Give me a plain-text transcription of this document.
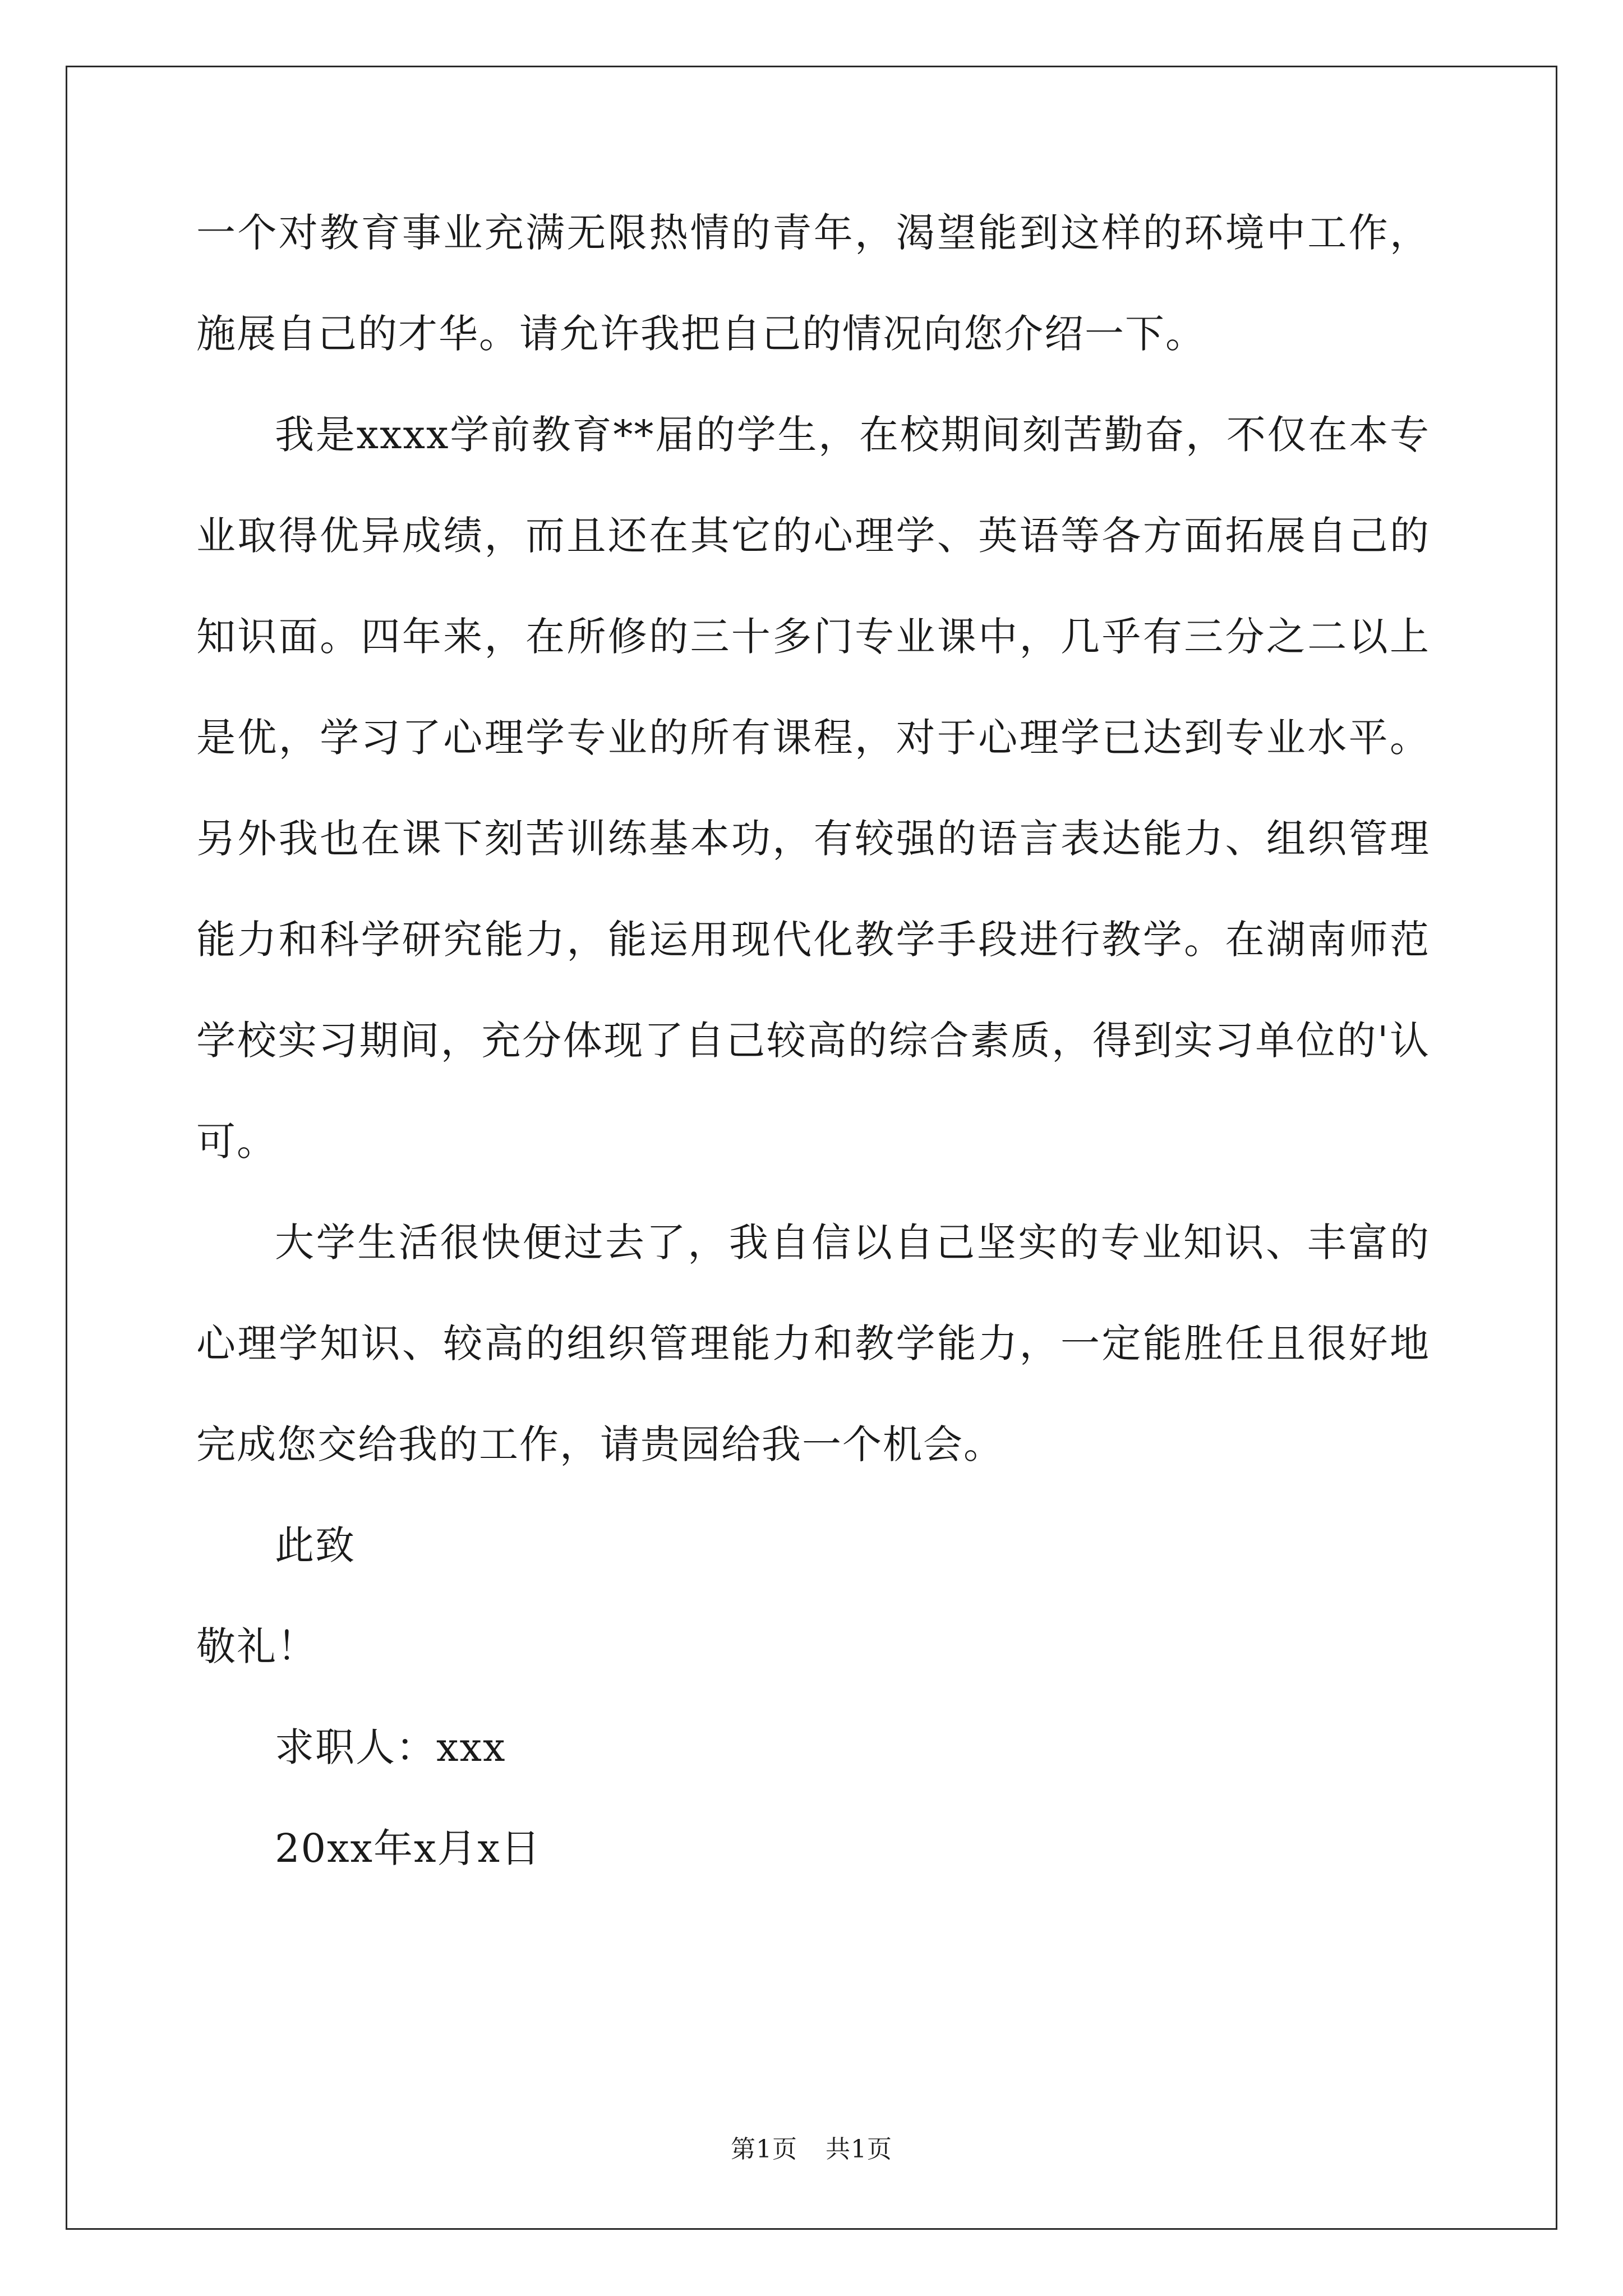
一个对教育事业充满无限热情的青年，渴望能到这样的环境中工作，施展自己的才华。请允许我把自己的情况向您介绍一下。

我是xxxx学前教育**届的学生，在校期间刻苦勤奋，不仅在本专业取得优异成绩，而且还在其它的心理学、英语等各方面拓展自己的知识面。四年来，在所修的三十多门专业课中，几乎有三分之二以上是优，学习了心理学专业的所有课程，对于心理学已达到专业水平。另外我也在课下刻苦训练基本功，有较强的语言表达能力、组织管理能力和科学研究能力，能运用现代化教学手段进行教学。在湖南师范学校实习期间，充分体现了自己较高的综合素质，得到实习单位的'认可。

大学生活很快便过去了，我自信以自己坚实的专业知识、丰富的心理学知识、较高的组织管理能力和教学能力，一定能胜任且很好地完成您交给我的工作，请贵园给我一个机会。

此致

敬礼！

求职人：xxx

20xx年x月x日

第1页 共1页
